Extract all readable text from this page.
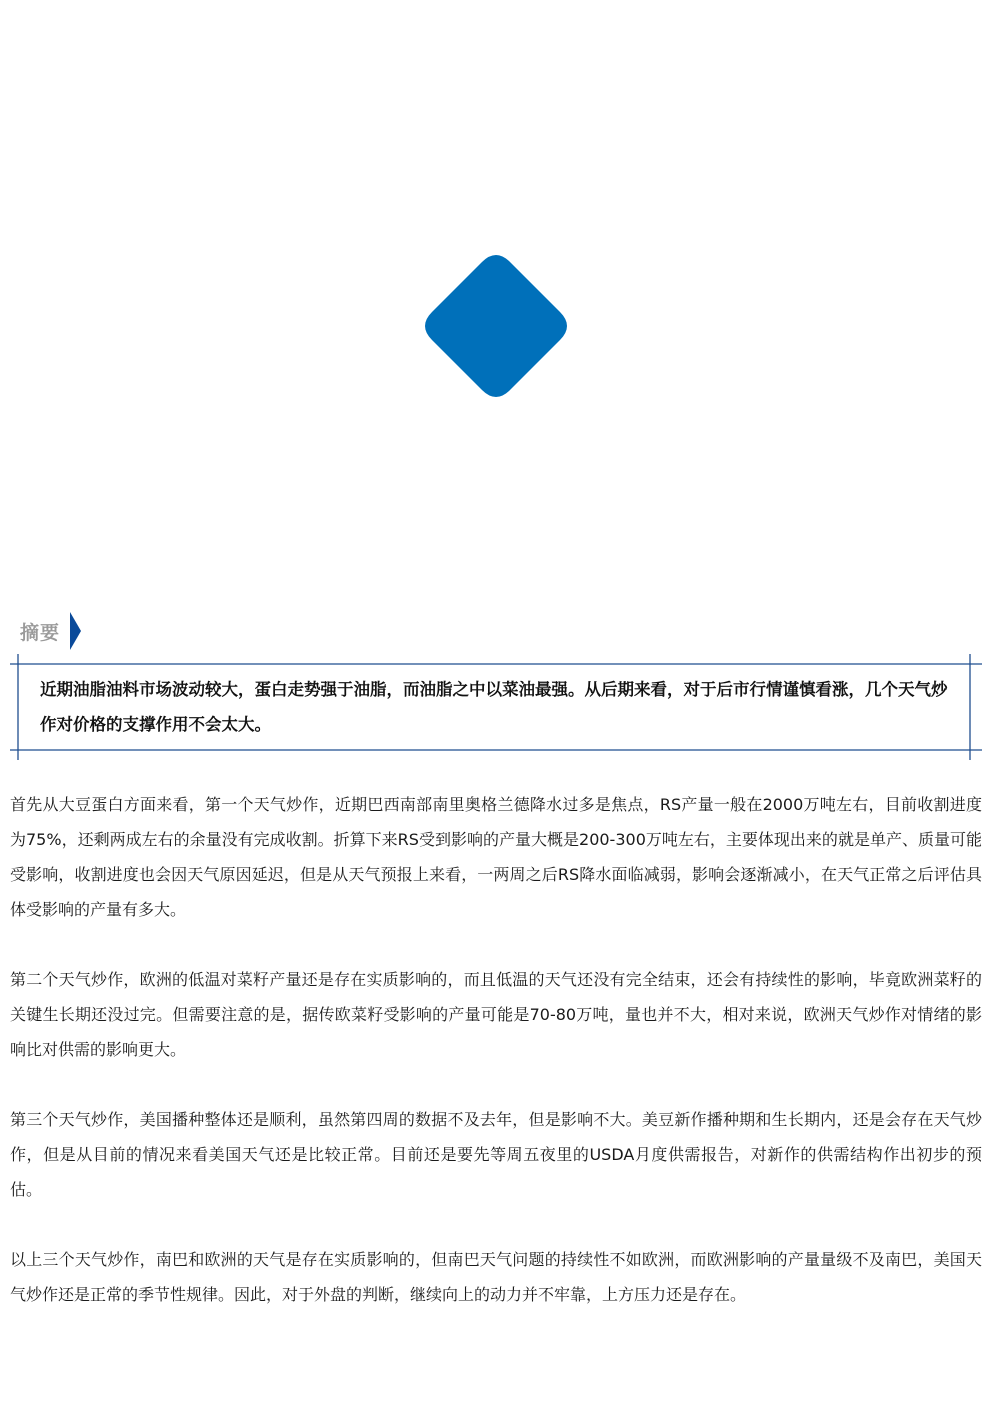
摘要
近期油脂油料市场波动较大，蛋白走势强于油脂，而油脂之中以菜油最强。从后期来看，对于后市行情谨慎看涨，几个天气炒作对价格的支撑作用不会太大。

首先从大豆蛋白方面来看，第一个天气炒作，近期巴西南部南里奥格兰德降水过多是焦点，RS产量一般在2000万吨左右，目前收割进度为75%，还剩两成左右的余量没有完成收割。折算下来RS受到影响的产量大概是200-300万吨左右，主要体现出来的就是单产、质量可能受影响，收割进度也会因天气原因延迟，但是从天气预报上来看，一两周之后RS降水面临减弱，影响会逐渐减小，在天气正常之后评估具体受影响的产量有多大。

第二个天气炒作，欧洲的低温对菜籽产量还是存在实质影响的，而且低温的天气还没有完全结束，还会有持续性的影响，毕竟欧洲菜籽的关键生长期还没过完。但需要注意的是，据传欧菜籽受影响的产量可能是70-80万吨，量也并不大，相对来说，欧洲天气炒作对情绪的影响比对供需的影响更大。

第三个天气炒作，美国播种整体还是顺利，虽然第四周的数据不及去年，但是影响不大。美豆新作播种期和生长期内，还是会存在天气炒作，但是从目前的情况来看美国天气还是比较正常。目前还是要先等周五夜里的USDA月度供需报告，对新作的供需结构作出初步的预估。

以上三个天气炒作，南巴和欧洲的天气是存在实质影响的，但南巴天气问题的持续性不如欧洲，而欧洲影响的产量量级不及南巴，美国天气炒作还是正常的季节性规律。因此，对于外盘的判断，继续向上的动力并不牢靠，上方压力还是存在。
